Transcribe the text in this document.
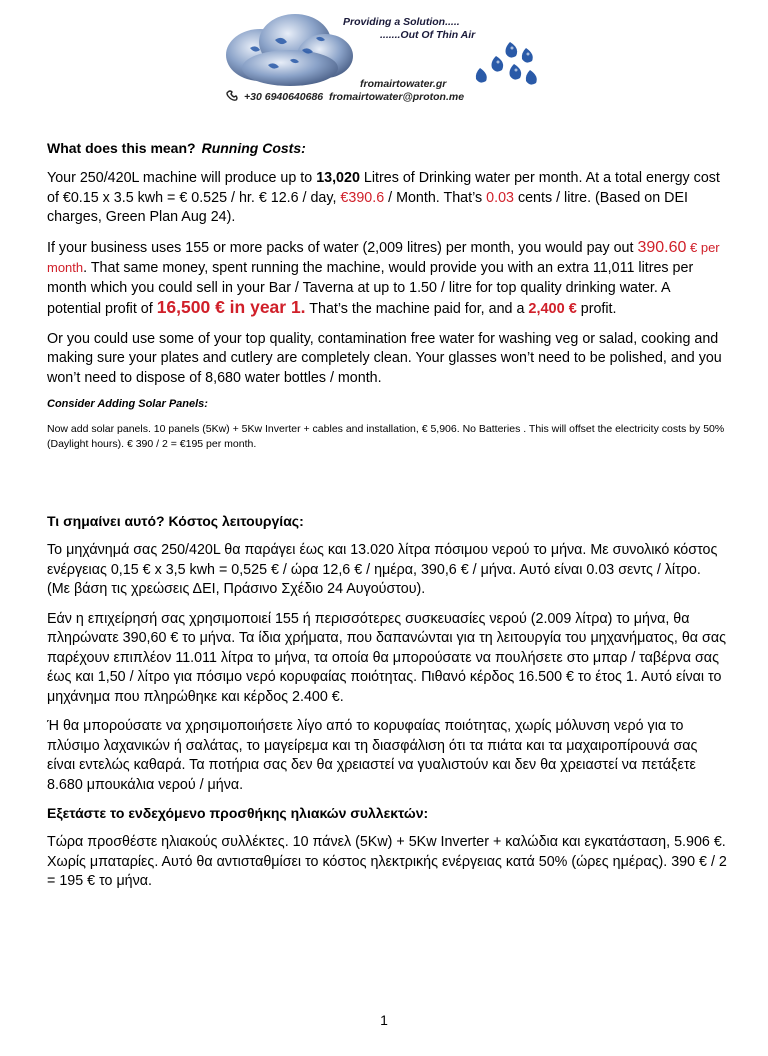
Providing a Solution.....
.......Out Of Thin Air
fromairtowater.gr
+30 6940640686 fromairtowater@proton.me
What does this mean? Running Costs:

Your 250/420L machine will produce up to 13,020 Litres of Drinking water per month. At a total energy cost of €0.15 x 3.5 kwh = € 0.525 / hr. € 12.6 / day, €390.6 / Month. That’s 0.03 cents / litre. (Based on DEI charges, Green Plan Aug 24).

If your business uses 155 or more packs of water (2,009 litres) per month, you would pay out 390.60 € per month. That same money, spent running the machine, would provide you with an extra 11,011 litres per month which you could sell in your Bar / Taverna at up to 1.50 / litre for top quality drinking water. A potential profit of 16,500 € in year 1. That’s the machine paid for, and a 2,400 € profit.

Or you could use some of your top quality, contamination free water for washing veg or salad, cooking and making sure your plates and cutlery are completely clean. Your glasses won’t need to be polished, and you won’t need to dispose of 8,680 water bottles / month.

Consider Adding Solar Panels:

Now add solar panels. 10 panels (5Kw) + 5Kw Inverter + cables and installation, € 5,906. No Batteries . This will offset the electricity costs by 50% (Daylight hours). € 390 / 2 = €195 per month.

Τι σημαίνει αυτό? Κόστος λειτουργίας:

Το μηχάνημά σας 250/420L θα παράγει έως και 13.020 λίτρα πόσιμου νερού το μήνα. Με συνολικό κόστος ενέργειας 0,15 € x 3,5 kwh = 0,525 € / ώρα 12,6 € / ημέρα, 390,6 € / μήνα. Αυτό είναι 0.03 σεντς / λίτρο. (Με βάση τις χρεώσεις ΔΕΙ, Πράσινο Σχέδιο 24 Αυγούστου).

Εάν η επιχείρησή σας χρησιμοποιεί 155 ή περισσότερες συσκευασίες νερού (2.009 λίτρα) το μήνα, θα πληρώνατε 390,60 € το μήνα. Τα ίδια χρήματα, που δαπανώνται για τη λειτουργία του μηχανήματος, θα σας παρέχουν επιπλέον 11.011 λίτρα το μήνα, τα οποία θα μπορούσατε να πουλήσετε στο μπαρ / ταβέρνα σας έως και 1,50 / λίτρο για πόσιμο νερό κορυφαίας ποιότητας. Πιθανό κέρδος 16.500 € το έτος 1. Αυτό είναι το μηχάνημα που πληρώθηκε και κέρδος 2.400 €.

Ή θα μπορούσατε να χρησιμοποιήσετε λίγο από το κορυφαίας ποιότητας, χωρίς μόλυνση νερό για το πλύσιμο λαχανικών ή σαλάτας, το μαγείρεμα και τη διασφάλιση ότι τα πιάτα και τα μαχαιροπίρουνά σας είναι εντελώς καθαρά. Τα ποτήρια σας δεν θα χρειαστεί να γυαλιστούν και δεν θα χρειαστεί να πετάξετε 8.680 μπουκάλια νερού / μήνα.

Εξετάστε το ενδεχόμενο προσθήκης ηλιακών συλλεκτών:

Τώρα προσθέστε ηλιακούς συλλέκτες. 10 πάνελ (5Kw) + 5Kw Inverter + καλώδια και εγκατάσταση, 5.906 €. Χωρίς μπαταρίες. Αυτό θα αντισταθμίσει το κόστος ηλεκτρικής ενέργειας κατά 50% (ώρες ημέρας). 390 € / 2 = 195 € το μήνα.

1
